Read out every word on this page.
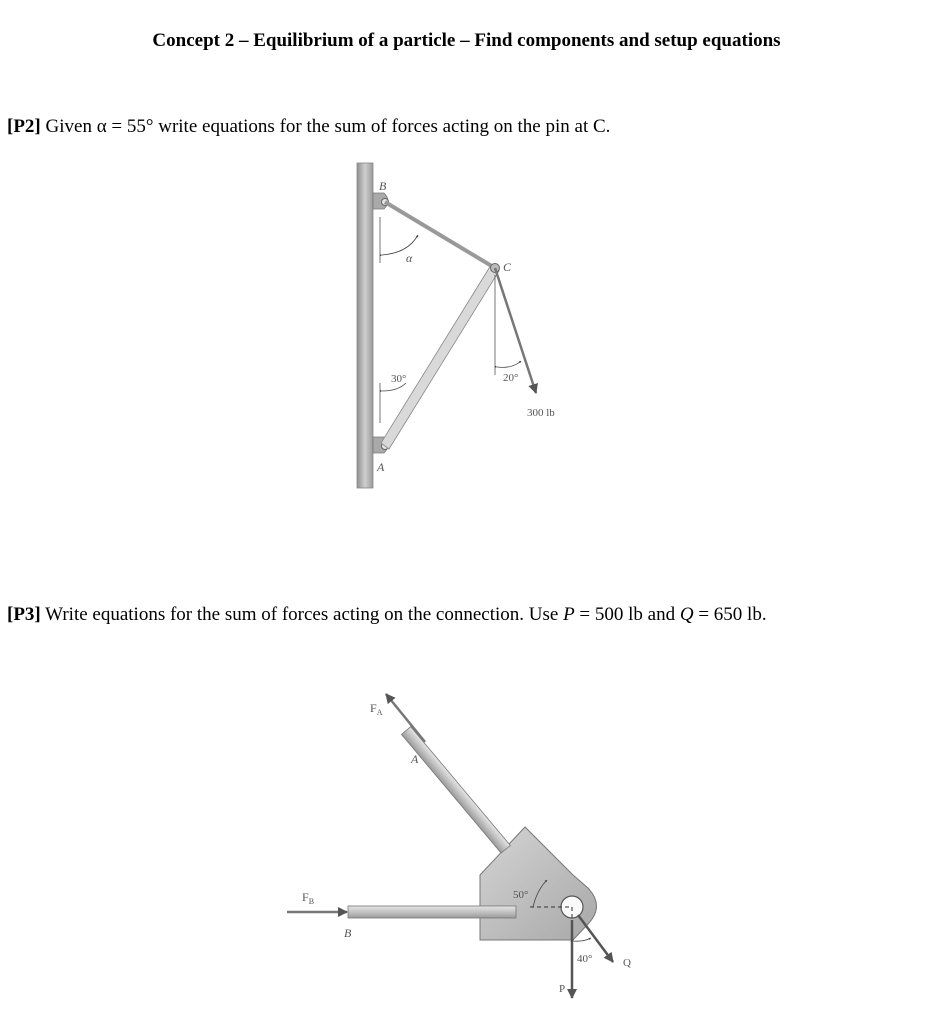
Concept 2 – Equilibrium of a particle – Find components and setup equations
[P2] Given α = 55° write equations for the sum of forces acting on the pin at C.
B
α
C
30°	20°
300 lb
A
[P3] Write equations for the sum of forces acting on the connection. Use P = 500 lb and Q = 650 lb.
$F_A$
A
$F_B$
B
50°
40°
P
Q
